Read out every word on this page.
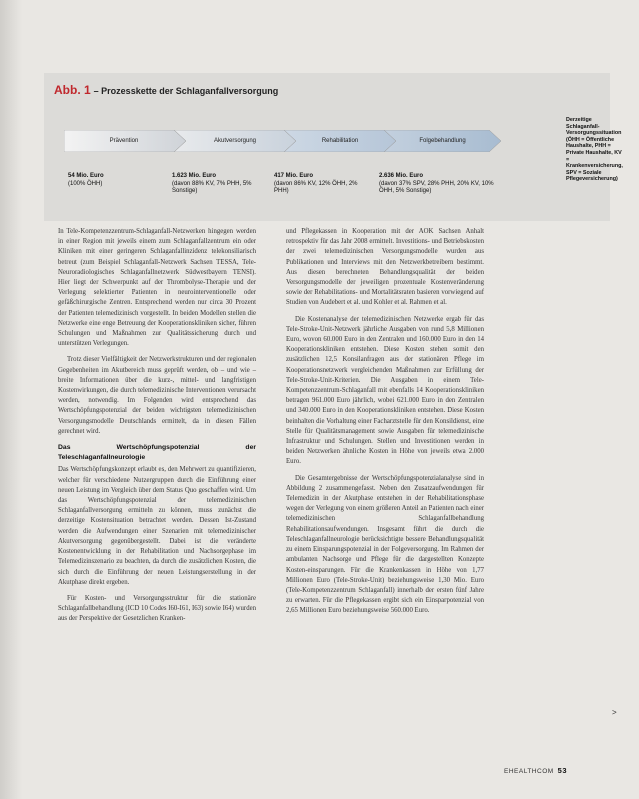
Abb. 1 – Prozesskette der Schlaganfallversorgung
Prävention	Akutversorgung	Rehabilitation	Folgebehandlung
54 Mio. Euro
(100% ÖHH)
1.623 Mio. Euro
(davon 88% KV, 7% PHH, 5% Sonstige)
417 Mio. Euro
(davon 86% KV, 12% ÖHH, 2% PHH)
2.636 Mio. Euro
(davon 37% SPV, 28% PHH, 20% KV, 10% ÖHH, 5% Sonstige)
Derzeitige Schlaganfall-Versorgungssituation (ÖHH = Öffentliche Haushalte, PHH = Private Haushalte, KV = Krankenversicherung, SPV = Soziale Pflegeversicherung)

In Tele-Kompetenzzentrum-Schlaganfall-Netzwerken hingegen werden in einer Region mit jeweils einem zum Schlaganfallzentrum ein oder Kliniken mit einer geringeren Schlaganfallinzidenz telekonsiliarisch betreut (zum Beispiel Schlaganfall-Netzwerk Sachsen TESSA, Tele-Neuroradiologisches Schlaganfallnetzwerk Südwestbayern TENSI). Hier liegt der Schwerpunkt auf der Thrombolyse-Therapie und der Verlegung selektierter Patienten in neurointerventionelle oder gefäßchirurgische Zentren. Entsprechend werden nur circa 30 Prozent der Patienten telemedizinisch vorgestellt. In beiden Modellen stellen die Netzwerke eine enge Betreuung der Kooperationskliniken sicher, führen Schulungen und Maßnahmen zur Qualitätssicherung durch und unterstützen Verlegungen.

Trotz dieser Vielfältigkeit der Netzwerkstrukturen und der regionalen Gegebenheiten im Akutbereich muss geprüft werden, ob – und wie – breite Informationen über die kurz-, mittel- und langfristigen Kostenwirkungen, die durch telemedizinische Interventionen verursacht werden, notwendig. Im Folgenden wird entsprechend das Wertschöpfungspotenzial der beiden wichtigsten telemedizinischen Versorgungsmodelle Deutschlands ermittelt, da in diesen Fällen gerechnet wird.

Das Wertschöpfungspotenzial der Teleschlaganfallneurologie

Das Wertschöpfungskonzept erlaubt es, den Mehrwert zu quantifizieren, welcher für verschiedene Nutzergruppen durch die Einführung einer neuen Leistung im Vergleich über dem Status Quo geschaffen wird. Um das Wertschöpfungspotenzial der telemedizinischen Schlaganfallversorgung ermitteln zu können, muss zunächst die derzeitige Kostensituation betrachtet werden. Dessen Ist-Zustand werden die Aufwendungen einer Szenarien mit telemedizinischer Akutversorgung gegenübergestellt. Dabei ist die veränderte Kostenentwicklung in der Rehabilitation und Nachsorgephase im Telemedizinszenario zu beachten, da durch die zusätzlichen Kosten, die sich durch die Einführung der neuen Leistungserstellung in der Akutphase direkt ergeben.

Für Kosten- und Versorgungsstruktur für die stationäre Schlaganfallbehandlung (ICD 10 Codes I60-I61, I63) sowie I64) wurden aus der Perspektive der Gesetzlichen Kranken-

und Pflegekassen in Kooperation mit der AOK Sachsen Anhalt retrospektiv für das Jahr 2008 ermittelt. Investitions- und Betriebskosten der zwei telemedizinischen Versorgungsmodelle wurden aus Publikationen und Interviews mit den Netzwerkbetreibern bestimmt. Aus diesen berechneten Behandlungsqualität der beiden Versorgungsmodelle der jeweiligen prozentuale Kostenveränderung sowie der Rehabilitations- und Mortalitätsraten basieren vorwiegend auf Studien von Audebert et al. und Kohler et al. Rahmen et al.

Die Kostenanalyse der telemedizinischen Netzwerke ergab für das Tele-Stroke-Unit-Netzwerk jährliche Ausgaben von rund 5,8 Millionen Euro, wovon 60.000 Euro in den Zentralen und 160.000 Euro in den 14 Kooperationskliniken entstehen. Diese Kosten stehen somit den zusätzlichen 12,5 Konsilanfragen aus der stationären Pflege im Kooperationsnetzwerk vergleichenden Maßnahmen zur Erfüllung der Tele-Stroke-Unit-Kriterien. Die Ausgaben in einem Tele-Kompetenzzentrum-Schlaganfall mit ebenfalls 14 Kooperationskliniken betragen 961.000 Euro jährlich, wobei 621.000 Euro in den Zentralen und 340.000 Euro in den Kooperationskliniken entstehen. Diese Kosten beinhalten die Vorhaltung einer Facharztstelle für den Konsildienst, eine Stelle für Qualitätsmanagement sowie Ausgaben für telemedizinische Infrastruktur und Schulungen. Stellen und Investitionen werden in beiden Netzwerken ähnliche Kosten in Höhe von jeweils etwa 2.000 Euro.

Die Gesamtergebnisse der Wertschöpfungspotenzialanalyse sind in Abbildung 2 zusammengefasst. Neben den Zusatzaufwendungen für Telemedizin in der Akutphase entstehen in der Rehabilitationsphase wegen der Verlegung von einem größeren Anteil an Patienten nach einer telemedizinischen Schlaganfallbehandlung Rehabilitationsaufwendungen. Insgesamt führt die durch die Teleschlaganfallneurologie berücksichtigte bessere Behandlungsqualität zu einem Einsparungspotenzial in der Folgeversorgung. Im Rahmen der ambulanten Nachsorge und Pflege für die dargestellten Konzepte Kosten-einsparungen. Für die Krankenkassen in Höhe von 1,77 Millionen Euro (Tele-Stroke-Unit) beziehungsweise 1,30 Mio. Euro (Tele-Kompetenzzentrum Schlaganfall) innerhalb der ersten fünf Jahre zu erwarten. Für die Pflegekassen ergibt sich ein Einsparpotenzial von 2,65 Millionen Euro beziehungsweise 560.000 Euro.

>
EHEALTHCOM 53
